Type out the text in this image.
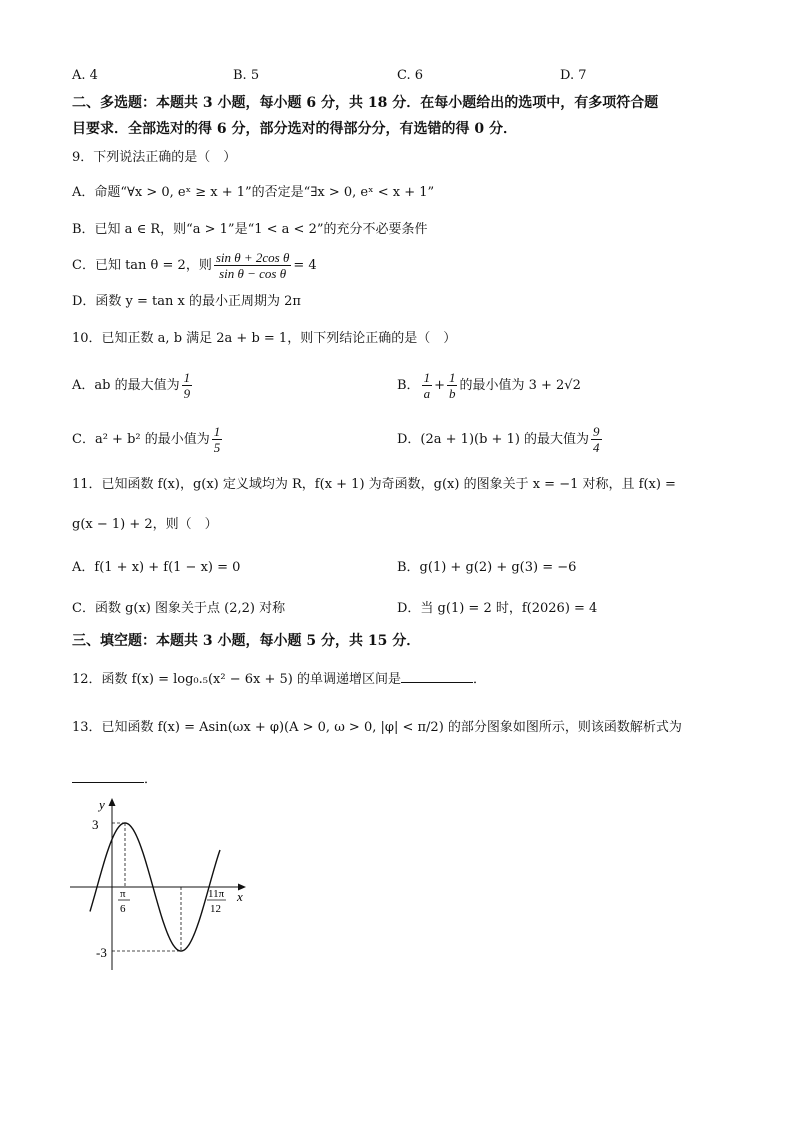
A. 4	B. 5	C. 6	D. 7
二、多选题：本题共 3 小题，每小题 6 分，共 18 分．在每小题给出的选项中，有多项符合题
目要求．全部选对的得 6 分，部分选对的得部分分，有选错的得 0 分．
9．下列说法正确的是（　）
A．命题“∀x > 0, eˣ ≥ x + 1”的否定是“∃x > 0, eˣ < x + 1”
B．已知 a ∈ R，则“a > 1”是“1 < a < 2”的充分不必要条件
C．已知 tan θ = 2，则 $\frac{\text{sin θ + 2cos θ}}{\text{sin θ − cos θ}} = 4$
D．函数 y = tan x 的最小正周期为 2π
10．已知正数 a, b 满足 2a + b = 1，则下列结论正确的是（　）
A．ab 的最大值为 $\frac{1}{9}$	B． $\frac{1}{a} + \frac{1}{b}$ 的最小值为 3 + 2√2
C．a² + b² 的最小值为 $\frac{1}{5}$	D．(2a + 1)(b + 1) 的最大值为 $\frac{9}{4}$
11．已知函数 f(x)，g(x) 定义域均为 R，f(x + 1) 为奇函数，g(x) 的图象关于 x = −1 对称，且 f(x) =
g(x − 1) + 2，则（　）
A．f(1 + x) + f(1 − x) = 0	B．g(1) + g(2) + g(3) = −6
C．函数 g(x) 图象关于点 (2,2) 对称	D．当 g(1) = 2 时，f(2026) = 4
三、填空题：本题共 3 小题，每小题 5 分，共 15 分．
12．函数 f(x) = log₀.₅(x² − 6x + 5) 的单调递增区间是	．
13．已知函数 f(x) = Asin(ωx + φ)(A > 0, ω > 0, |φ| < π/2) 的部分图象如图所示，则该函数解析式为
．
y
x
3
-3
π
6
11π
12
